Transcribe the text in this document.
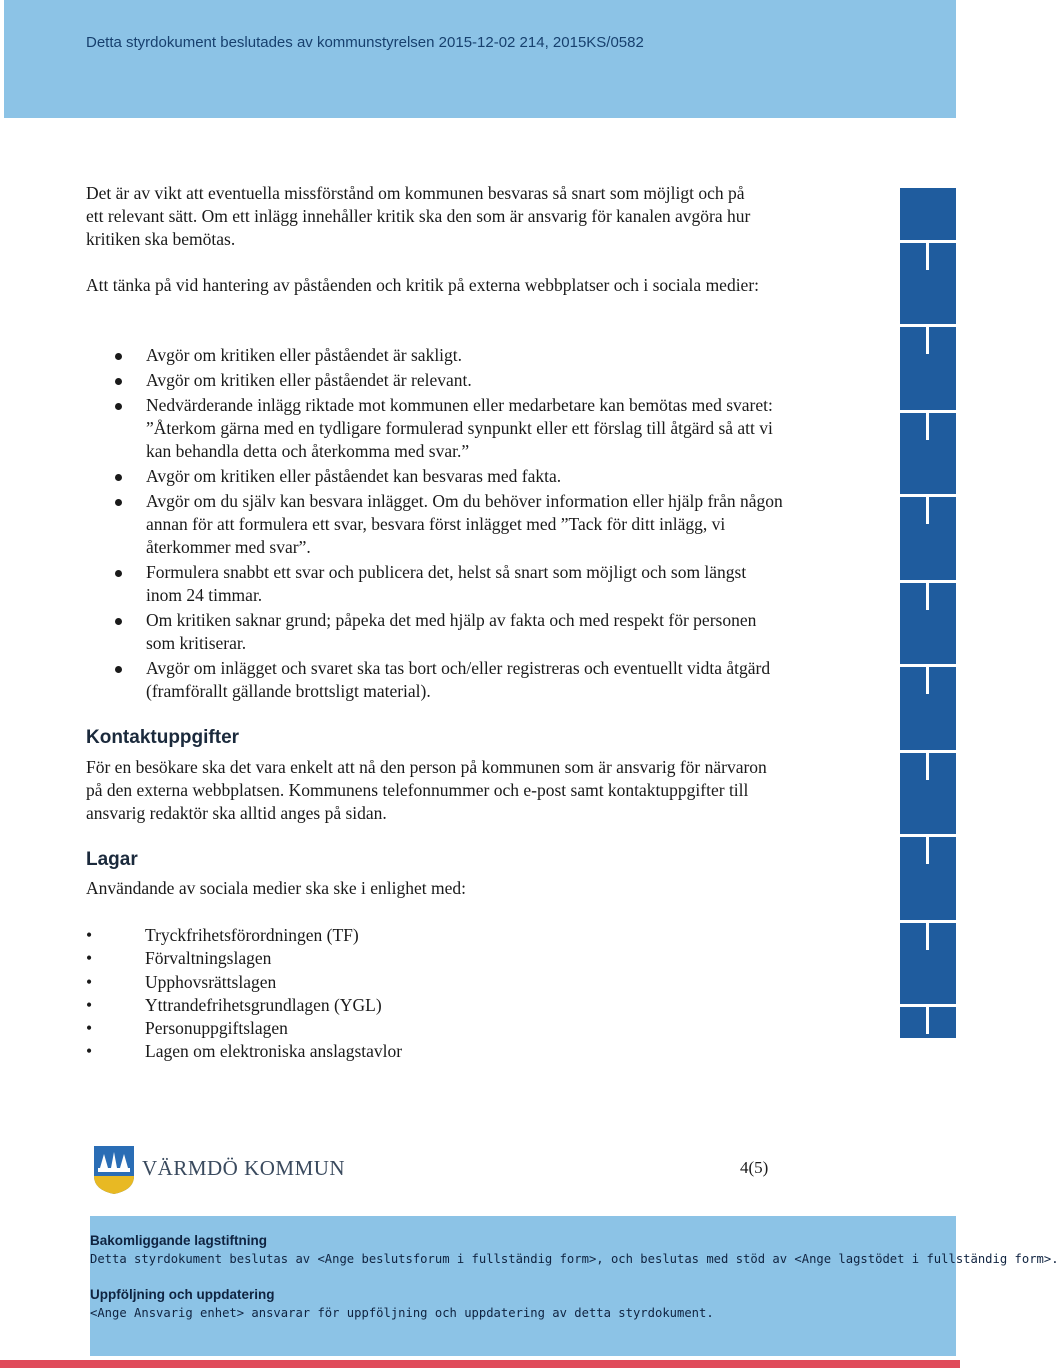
Detta styrdokument beslutades av kommunstyrelsen 2015-12-02 214, 2015KS/0582

Det är av vikt att eventuella missförstånd om kommunen besvaras så snart som möjligt och på ett relevant sätt. Om ett inlägg innehåller kritik ska den som är ansvarig för kanalen avgöra hur kritiken ska bemötas.

Att tänka på vid hantering av påståenden och kritik på externa webbplatser och i sociala medier:

Avgör om kritiken eller påståendet är sakligt.
Avgör om kritiken eller påståendet är relevant.
Nedvärderande inlägg riktade mot kommunen eller medarbetare kan bemötas med svaret: ”Återkom gärna med en tydligare formulerad synpunkt eller ett förslag till åtgärd så att vi kan behandla detta och återkomma med svar.”
Avgör om kritiken eller påståendet kan besvaras med fakta.
Avgör om du själv kan besvara inlägget. Om du behöver information eller hjälp från någon annan för att formulera ett svar, besvara först inlägget med ”Tack för ditt inlägg, vi återkommer med svar”.
Formulera snabbt ett svar och publicera det, helst så snart som möjligt och som längst inom 24 timmar.
Om kritiken saknar grund; påpeka det med hjälp av fakta och med respekt för personen som kritiserar.
Avgör om inlägget och svaret ska tas bort och/eller registreras och eventuellt vidta åtgärd (framförallt gällande brottsligt material).
Kontaktuppgifter

För en besökare ska det vara enkelt att nå den person på kommunen som är ansvarig för närvaron på den externa webbplatsen. Kommunens telefonnummer och e-post samt kontaktuppgifter till ansvarig redaktör ska alltid anges på sidan.

Lagar

Användande av sociala medier ska ske i enlighet med:

•	Tryckfrihetsförordningen (TF)
•	Förvaltningslagen
•	Upphovsrättslagen
•	Yttrandefrihetsgrundlagen (YGL)
•	Personuppgiftslagen
•	Lagen om elektroniska anslagstavlor
VÄRMDÖ KOMMUN	4(5)
Bakomliggande lagstiftning
Detta styrdokument beslutas av <Ange beslutsforum i fullständig form>, och beslutas med stöd av <Ange lagstödet i fullständig form>.
Uppföljning och uppdatering
<Ange Ansvarig enhet> ansvarar för uppföljning och uppdatering av detta styrdokument.
